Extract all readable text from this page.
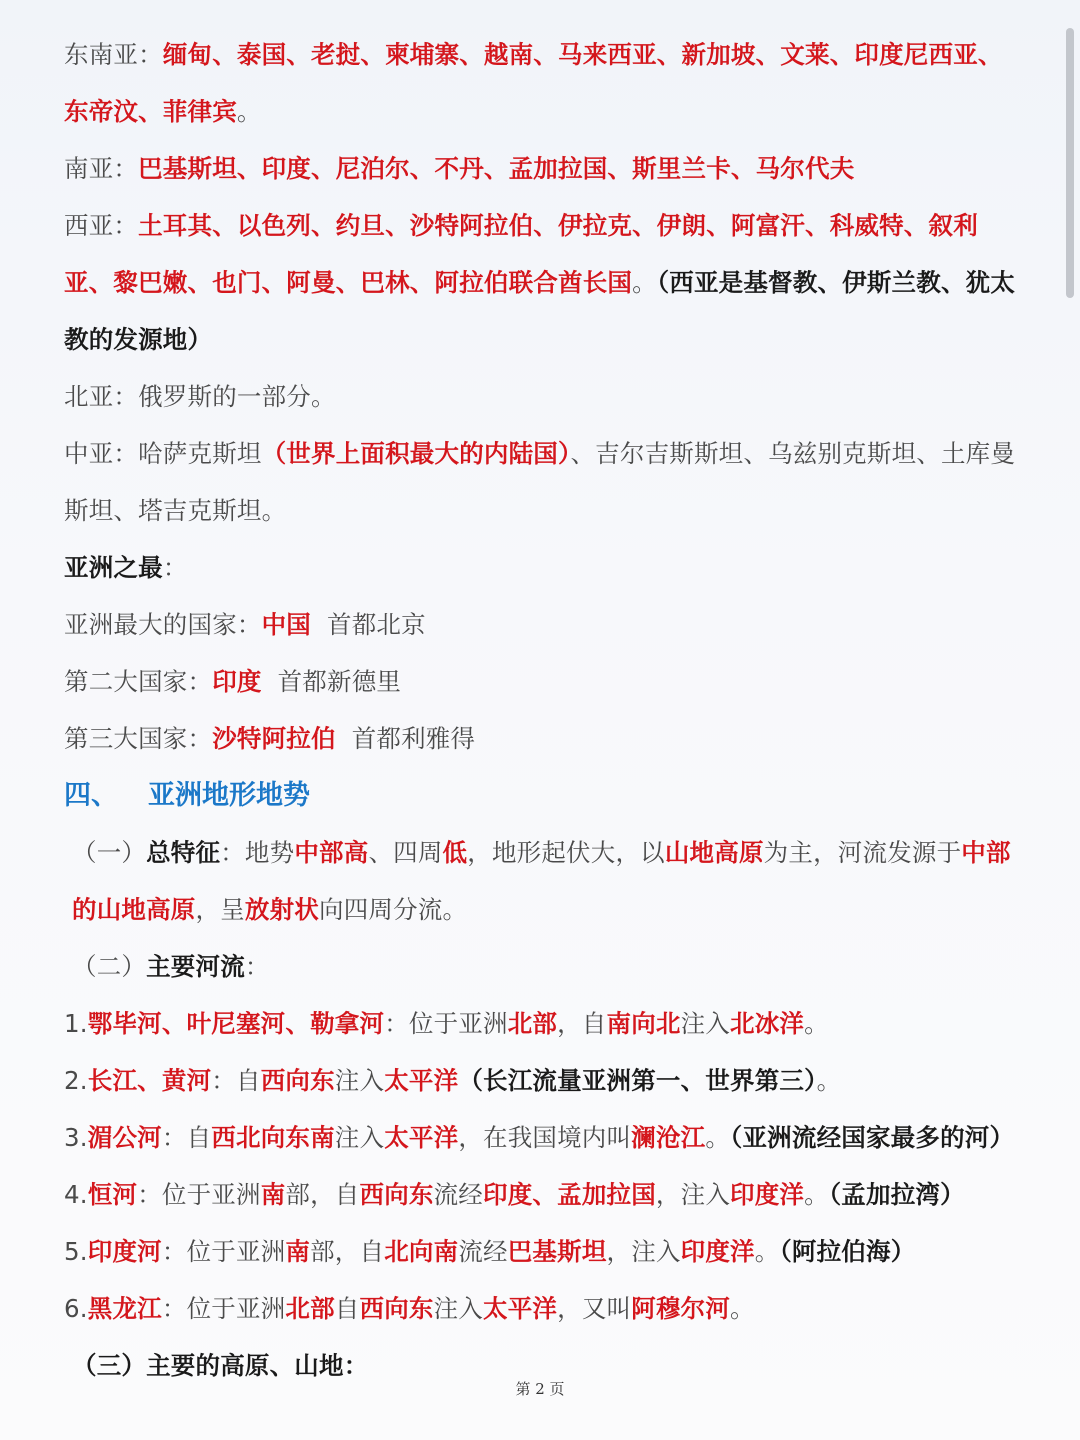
东南亚：缅甸、泰国、老挝、柬埔寨、越南、马来西亚、新加坡、文莱、印度尼西亚、东帝汶、菲律宾。

南亚：巴基斯坦、印度、尼泊尔、不丹、孟加拉国、斯里兰卡、马尔代夫

西亚：土耳其、以色列、约旦、沙特阿拉伯、伊拉克、伊朗、阿富汗、科威特、叙利亚、黎巴嫩、也门、阿曼、巴林、阿拉伯联合酋长国。（西亚是基督教、伊斯兰教、犹太教的发源地）

北亚：俄罗斯的一部分。

中亚：哈萨克斯坦（世界上面积最大的内陆国）、吉尔吉斯斯坦、乌兹别克斯坦、土库曼斯坦、塔吉克斯坦。

亚洲之最：

亚洲最大的国家：中国 首都北京

第二大国家：印度 首都新德里

第三大国家：沙特阿拉伯 首都利雅得

四、 亚洲地形地势

（一）总特征：地势中部高、四周低，地形起伏大，以山地高原为主，河流发源于中部的山地高原，呈放射状向四周分流。

（二）主要河流：

1.鄂毕河、叶尼塞河、勒拿河：位于亚洲北部，自南向北注入北冰洋。

2.长江、黄河：自西向东注入太平洋（长江流量亚洲第一、世界第三）。

3.湄公河：自西北向东南注入太平洋，在我国境内叫澜沧江。（亚洲流经国家最多的河）

4.恒河：位于亚洲南部，自西向东流经印度、孟加拉国，注入印度洋。（孟加拉湾）

5.印度河：位于亚洲南部，自北向南流经巴基斯坦，注入印度洋。（阿拉伯海）

6.黑龙江：位于亚洲北部自西向东注入太平洋，又叫阿穆尔河。

（三）主要的高原、山地：

第 2 页
